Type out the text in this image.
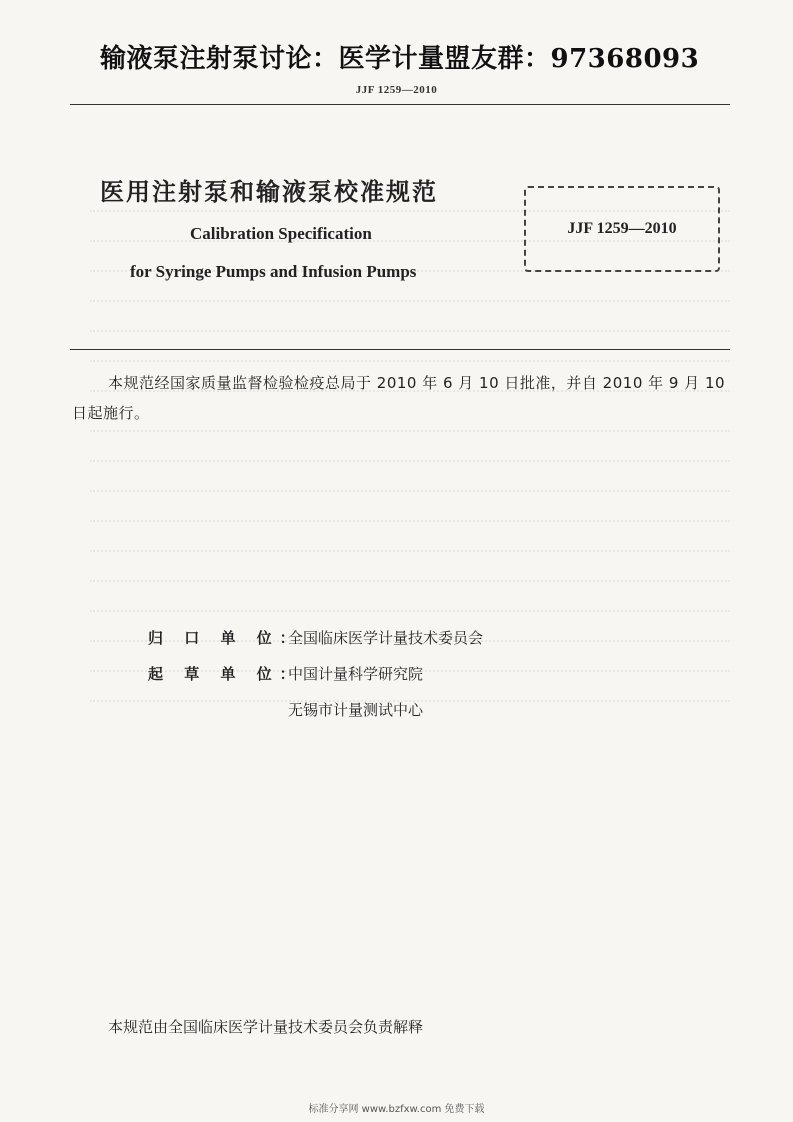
输液泵注射泵讨论：医学计量盟友群：97368093
JJF 1259—2010
医用注射泵和输液泵校准规范
Calibration Specification
for Syringe Pumps and Infusion Pumps
JJF 1259—2010
本规范经国家质量监督检验检疫总局于 2010 年 6 月 10 日批准，并自 2010 年 9 月 10 日起施行。
归 口 单 位：全国临床医学计量技术委员会
起 草 单 位：中国计量科学研究院
无锡市计量测试中心
本规范由全国临床医学计量技术委员会负责解释
标准分享网 www.bzfxw.com 免费下载
